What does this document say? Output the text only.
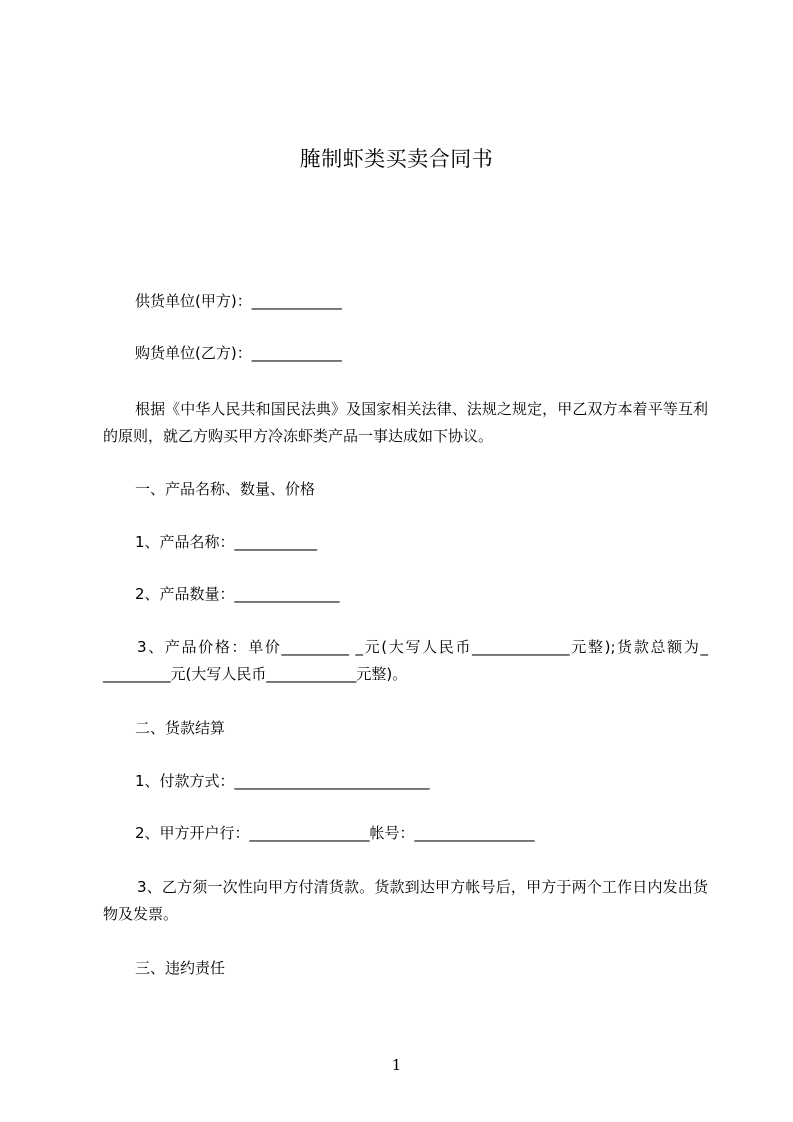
腌制虾类买卖合同书
供货单位(甲方)：____________
购货单位(乙方)：____________
根据《中华人民共和国民法典》及国家相关法律、法规之规定，甲乙双方本着平等互利的原则，就乙方购买甲方冷冻虾类产品一事达成如下协议。
一、产品名称、数量、价格
1、产品名称：___________
2、产品数量：______________
3、产品价格：单价_________ _元(大写人民币_____________元整);货款总额为_ _________元(大写人民币____________元整)。
二、货款结算
1、付款方式：__________________________
2、甲方开户行：________________帐号：________________
3、乙方须一次性向甲方付清货款。货款到达甲方帐号后，甲方于两个工作日内发出货物及发票。
三、违约责任
1
